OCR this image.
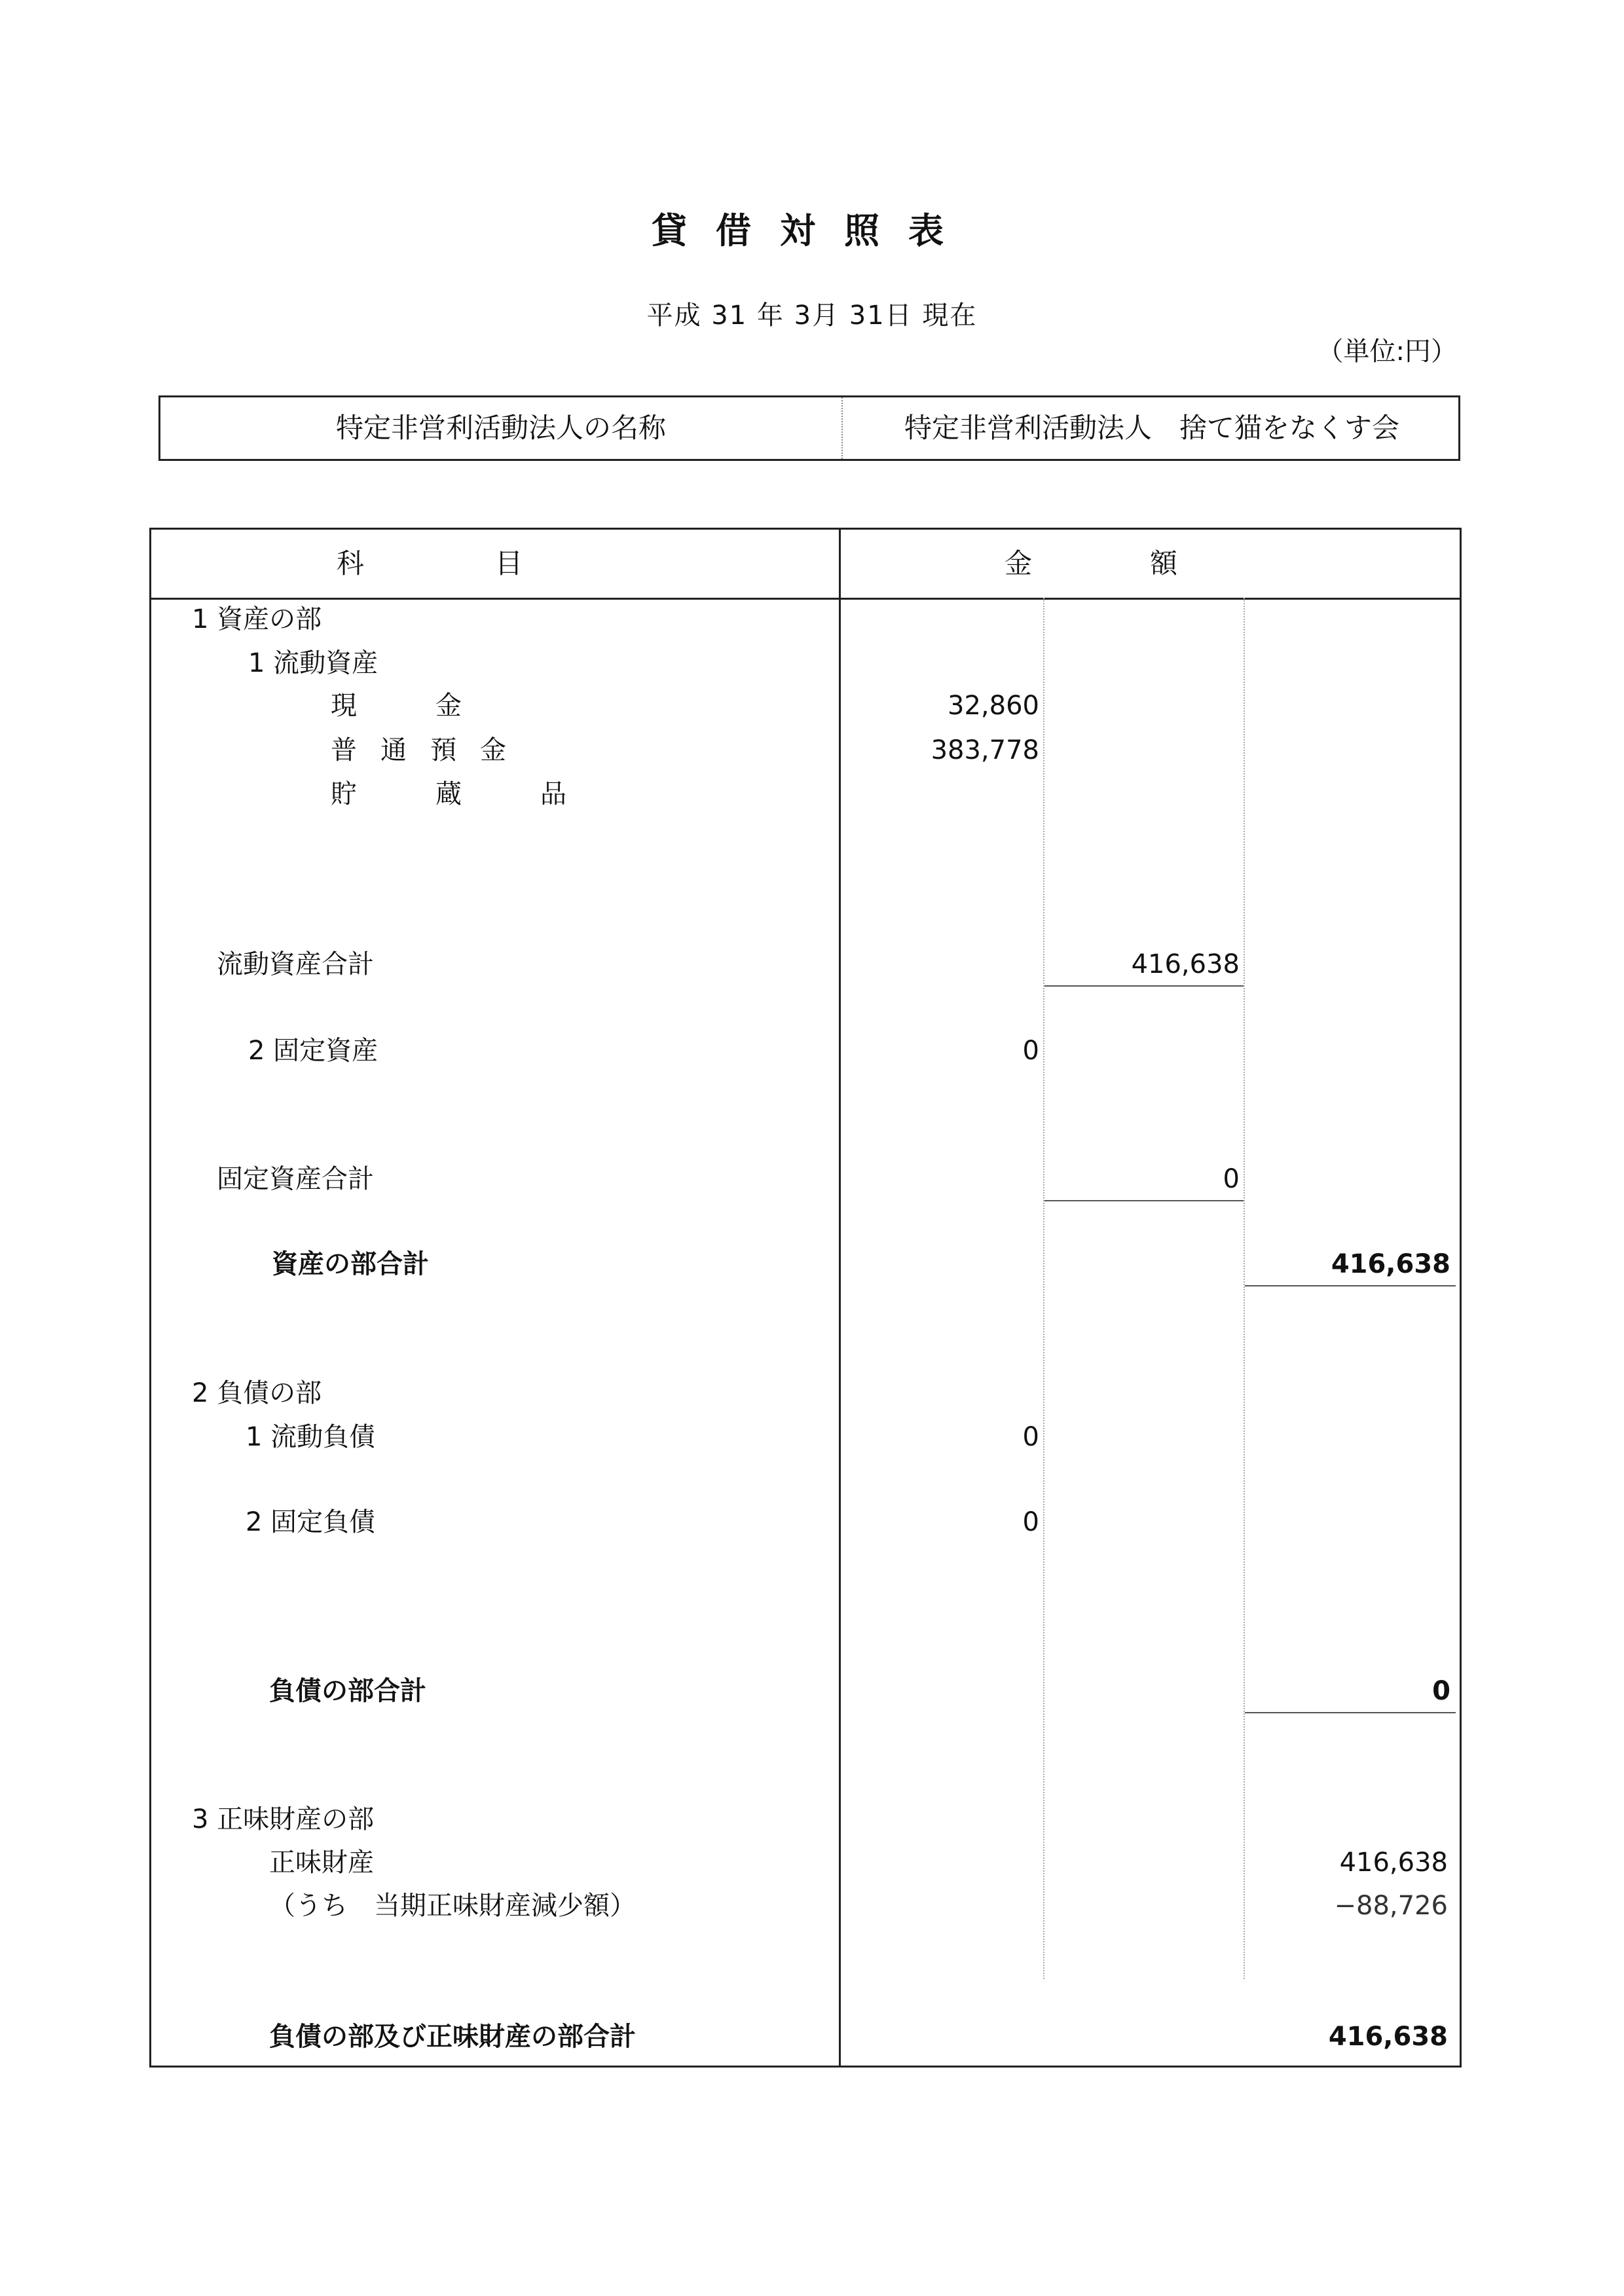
貸借対照表
平成 31 年 3月 31日 現在
（単位:円）
特定非営利活動法人の名称	特定非営利活動法人　捨て猫をなくす会
科目	金額
1 資産の部
1 流動資産
現金	32,860
普通預金	383,778
貯蔵品
流動資産合計	416,638
2 固定資産	0
固定資産合計	0
資産の部合計	416,638
2 負債の部
1 流動負債	0
2 固定負債	0
負債の部合計	0
3 正味財産の部
正味財産	416,638
（うち　当期正味財産減少額）	−88,726
負債の部及び正味財産の部合計	416,638
